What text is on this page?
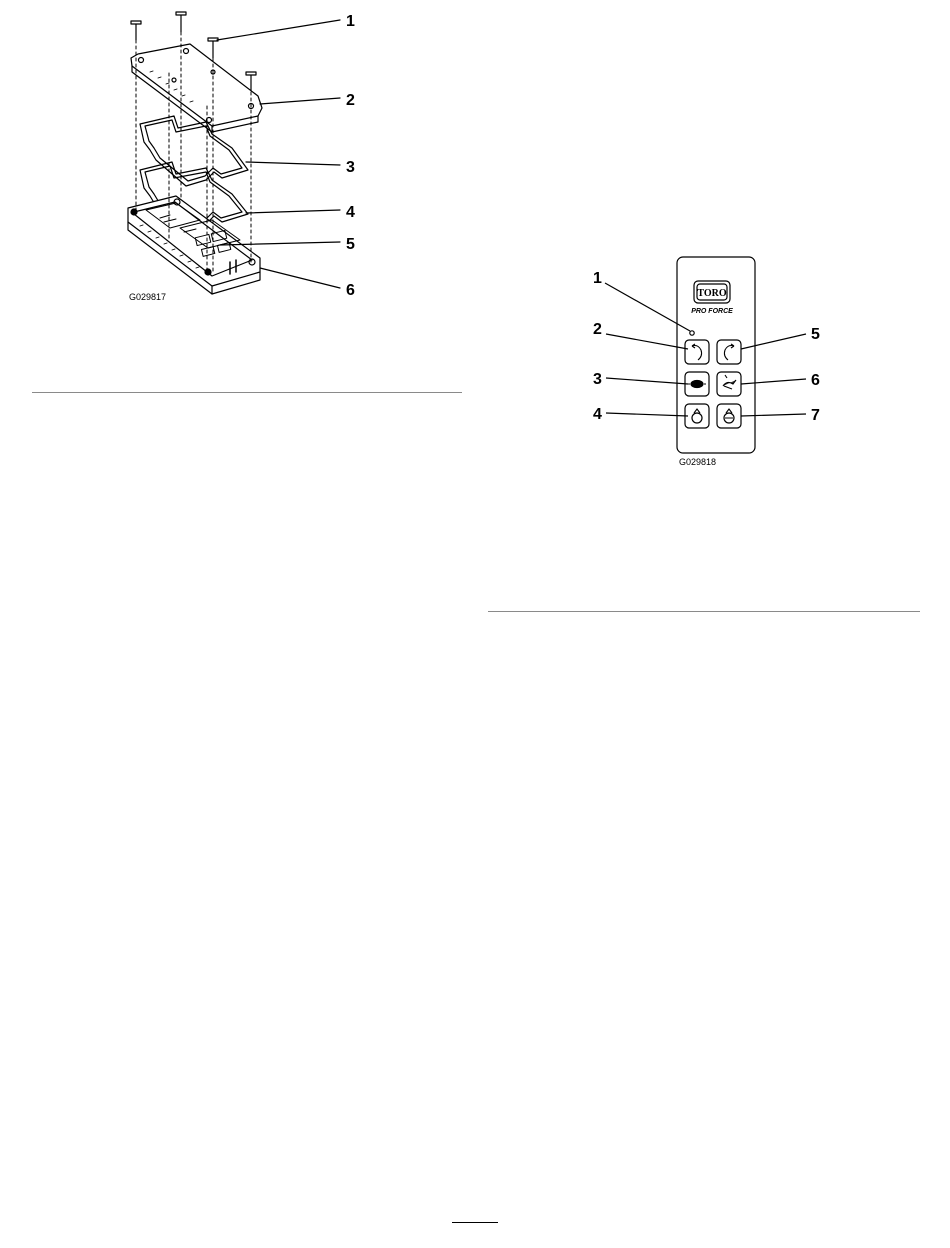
1
2
3
4
5
6
G029817	TORO
PRO FORCE
1
2
3
4
5
6
7
G029818
